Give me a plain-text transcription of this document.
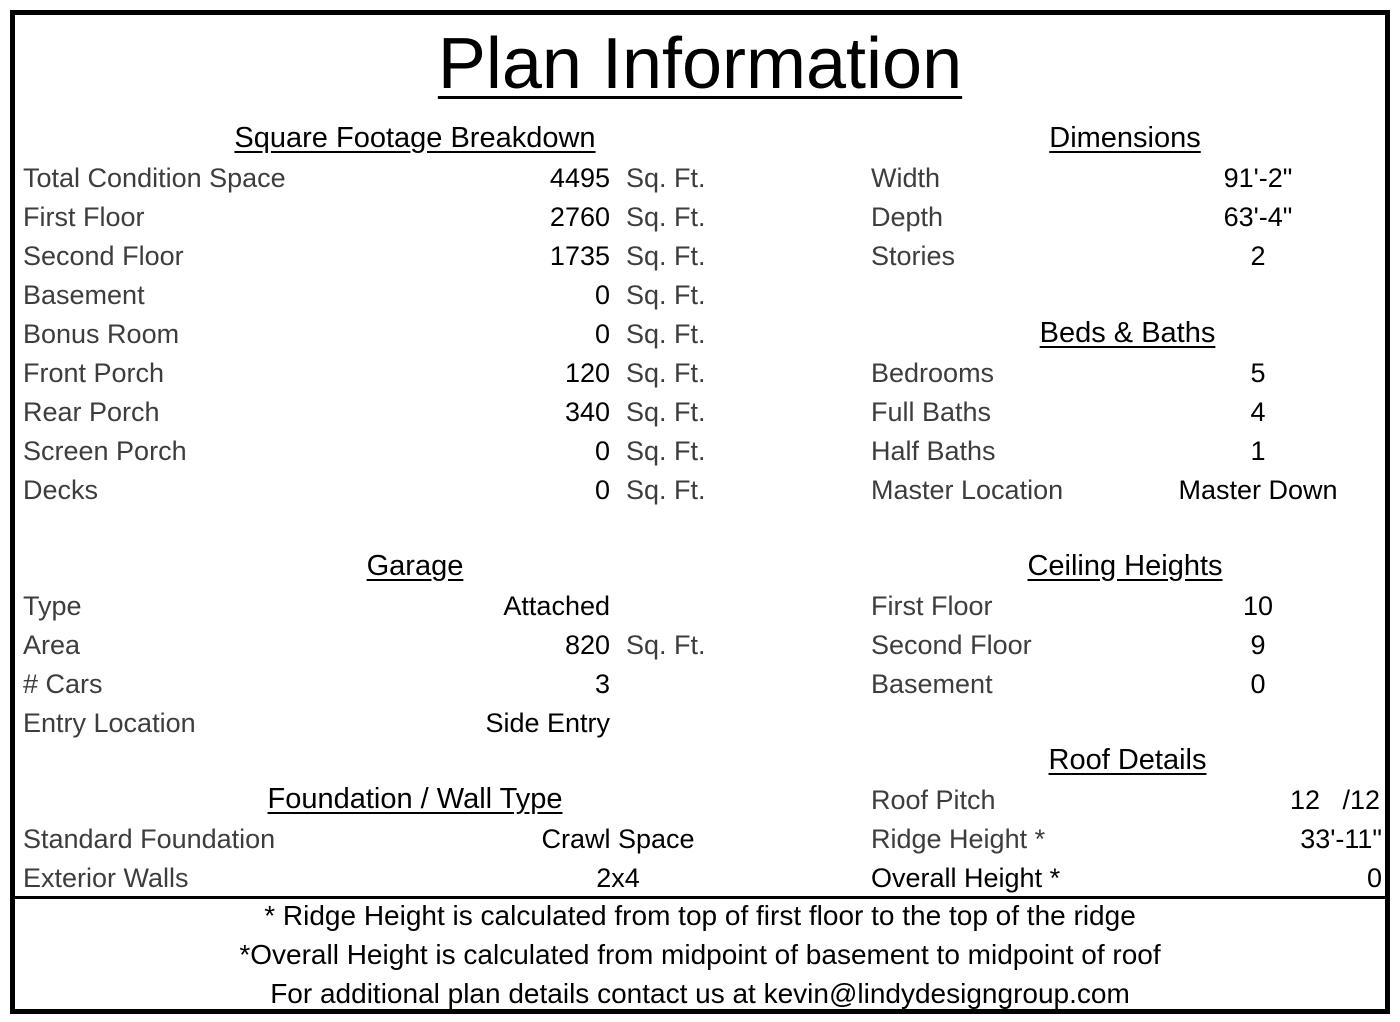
Plan Information
Square Footage Breakdown
Total Condition Space	4495 Sq. Ft.
First Floor	2760 Sq. Ft.
Second Floor	1735 Sq. Ft.
Basement	0 Sq. Ft.
Bonus Room	0 Sq. Ft.
Front Porch	120 Sq. Ft.
Rear Porch	340 Sq. Ft.
Screen Porch	0 Sq. Ft.
Decks	0 Sq. Ft.
Dimensions
Width	91'-2"
Depth	63'-4"
Stories	2
Beds & Baths
Bedrooms	5
Full Baths	4
Half Baths	1
Master Location	Master Down
Garage
Type	Attached
Area	820 Sq. Ft.
# Cars	3
Entry Location	Side Entry
Ceiling Heights
First Floor	10
Second Floor	9
Basement	0
Roof Details
Roof Pitch	12 /12
Ridge Height *	33'-11"
Overall Height *	0
Foundation / Wall Type
Standard Foundation	Crawl Space
Exterior Walls	2x4
* Ridge Height is calculated from top of first floor to the top of the ridge
*Overall Height is calculated from midpoint of basement to midpoint of roof
For additional plan details contact us at kevin@lindydesigngroup.com
